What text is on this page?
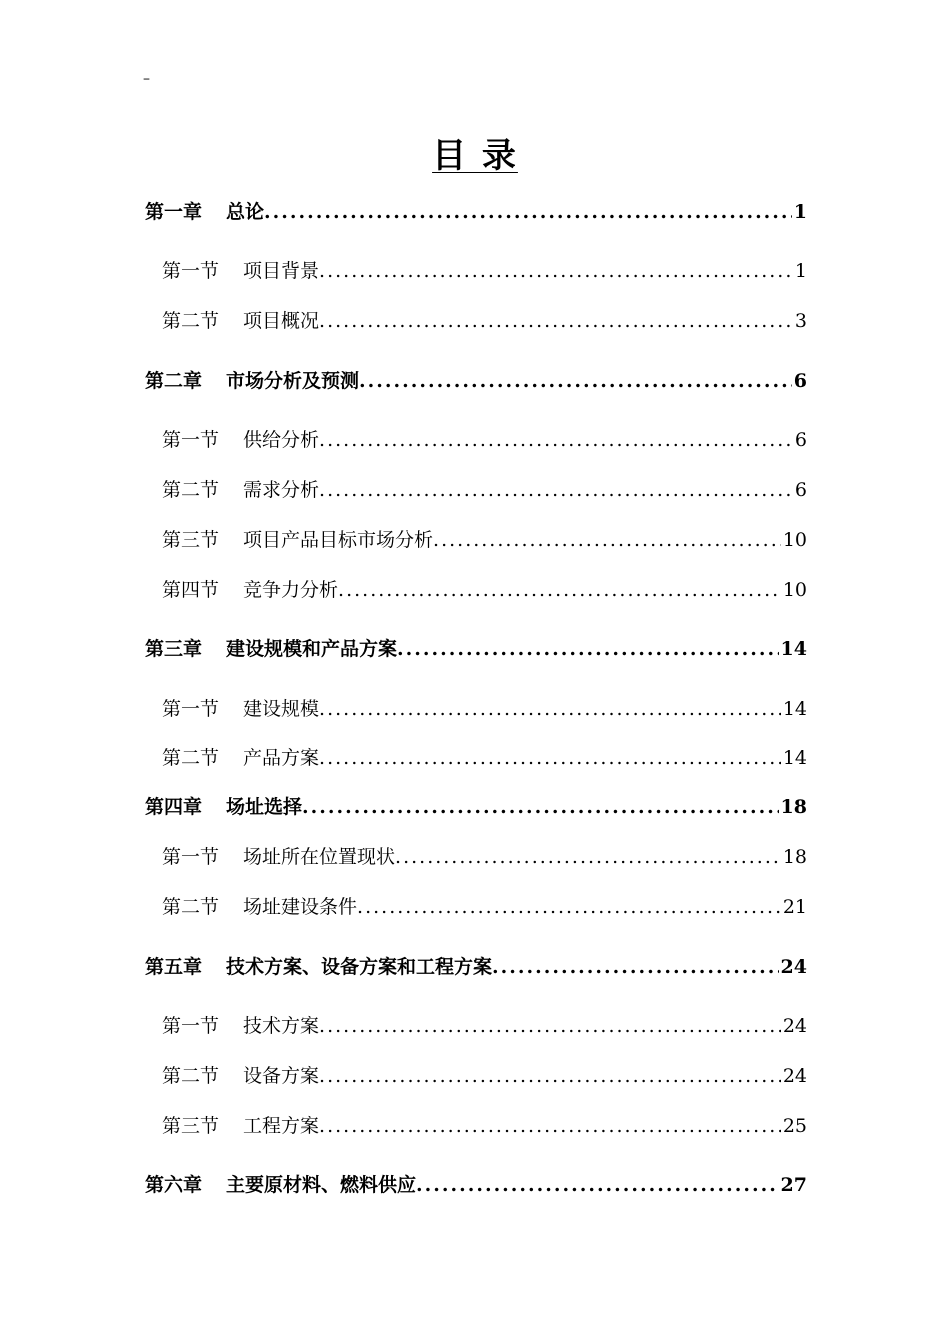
–
目 录
第一章 总论 .....	1
第一节 项目背景 .....	1
第二节 项目概况 .....	3
第二章 市场分析及预测 .....	6
第一节 供给分析 .....	6
第二节 需求分析 .....	6
第三节 项目产品目标市场分析 .....	10
第四节 竞争力分析 .....	10
第三章 建设规模和产品方案 .....	14
第一节 建设规模 .....	14
第二节 产品方案 .....	14
第四章 场址选择 .....	18
第一节 场址所在位置现状 .....	18
第二节 场址建设条件 .....	21
第五章 技术方案、设备方案和工程方案 .....	24
第一节 技术方案 .....	24
第二节 设备方案 .....	24
第三节 工程方案 .....	25
第六章 主要原材料、燃料供应 .....	27
